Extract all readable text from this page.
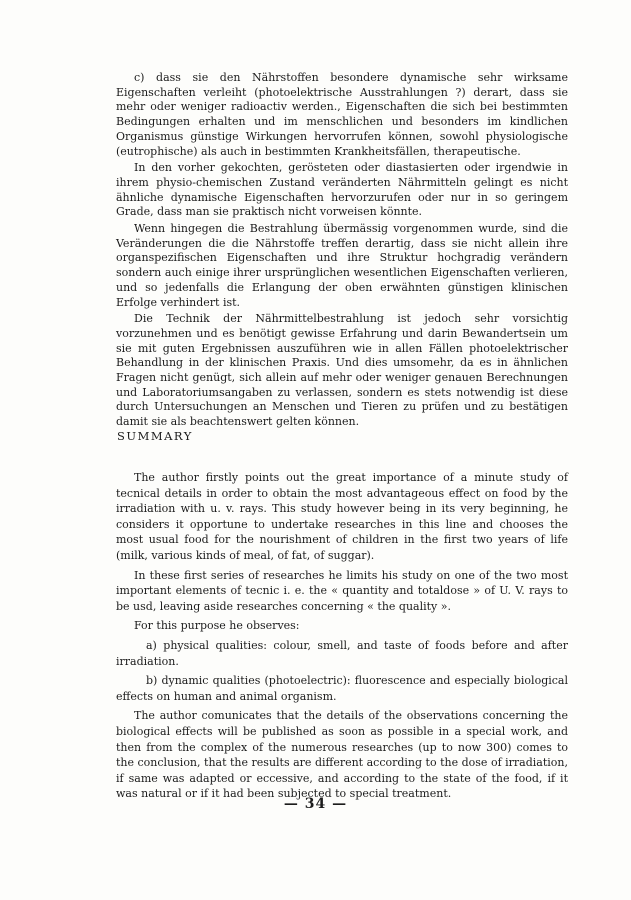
c) dass sie den Nährstoffen besondere dynamische sehr wirksame Eigenschaften verleiht (photoelektrische Ausstrahlungen ?) derart, dass sie mehr oder weniger radioactiv werden., Eigenschaften die sich bei bestimmten Bedingungen erhalten und im menschlichen und besonders im kindlichen Organismus günstige Wirkungen hervorrufen können, sowohl physiologische (eutrophische) als auch in bestimmten Krankheitsfällen, therapeutische.

In den vorher gekochten, gerösteten oder diastasierten oder irgendwie in ihrem physio-chemischen Zustand veränderten Nährmitteln gelingt es nicht ähnliche dynamische Eigenschaften hervorzurufen oder nur in so geringem Grade, dass man sie praktisch nicht vorweisen könnte.

Wenn hingegen die Bestrahlung übermässig vorgenommen wurde, sind die Veränderungen die die Nährstoffe treffen derartig, dass sie nicht allein ihre organspezifischen Eigenschaften und ihre Struktur hochgradig verändern sondern auch einige ihrer ursprünglichen wesentlichen Eigenschaften verlieren, und so jedenfalls die Erlangung der oben erwähnten günstigen klinischen Erfolge verhindert ist.

Die Technik der Nährmittelbestrahlung ist jedoch sehr vorsichtig vorzunehmen und es benötigt gewisse Erfahrung und darin Bewandertsein um sie mit guten Ergebnissen auszuführen wie in allen Fällen photoelektrischer Behandlung in der klinischen Praxis. Und dies umsomehr, da es in ähnlichen Fragen nicht genügt, sich allein auf mehr oder weniger genauen Berechnungen und Laboratoriumsangaben zu verlassen, sondern es stets notwendig ist diese durch Untersuchungen an Menschen und Tieren zu prüfen und zu bestätigen damit sie als beachtenswert gelten können.

SUMMARY

The author firstly points out the great importance of a minute study of tecnical details in order to obtain the most advantageous effect on food by the irradiation with u. v. rays. This study however being in its very beginning, he considers it opportune to undertake researches in this line and chooses the most usual food for the nourishment of children in the first two years of life (milk, various kinds of meal, of fat, of suggar).

In these first series of researches he limits his study on one of the two most important elements of tecnic i. e. the « quantity and totaldose » of U. V. rays to be usd, leaving aside researches concerning « the quality ».

For this purpose he observes:

a) physical qualities: colour, smell, and taste of foods before and after irradiation.

b) dynamic qualities (photoelectric): fluorescence and especially biological effects on human and animal organism.

The author comunicates that the details of the observations concerning the biological effects will be published as soon as possible in a special work, and then from the complex of the numerous researches (up to now 300) comes to the conclusion, that the results are different according to the dose of irradiation, if same was adapted or eccessive, and according to the state of the food, if it was natural or if it had been subjected to special treatment.

— 34 —
